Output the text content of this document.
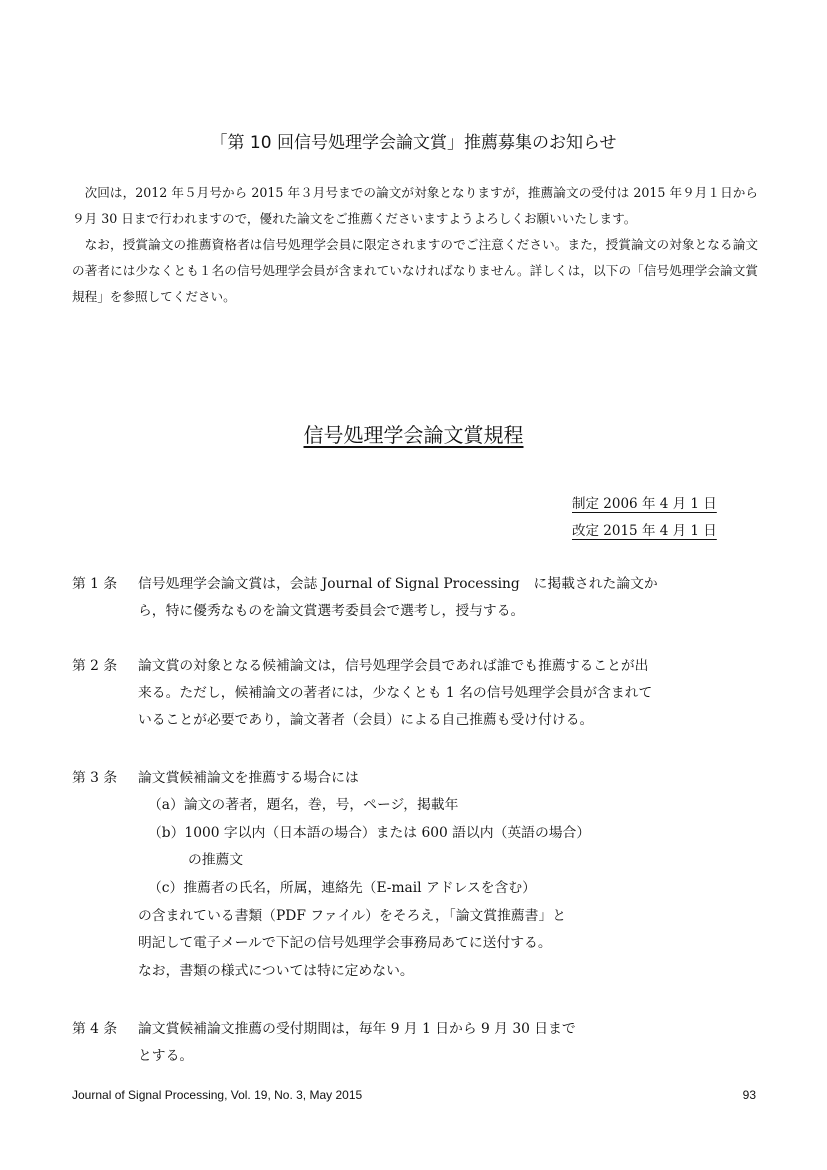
「第 10 回信号処理学会論文賞」推薦募集のお知らせ

次回は，2012 年５月号から 2015 年３月号までの論文が対象となりますが，推薦論文の受付は 2015 年９月１日から９月 30 日まで行われますので，優れた論文をご推薦くださいますようよろしくお願いいたします。

なお，授賞論文の推薦資格者は信号処理学会員に限定されますのでご注意ください。また，授賞論文の対象となる論文の著者には少なくとも１名の信号処理学会員が含まれていなければなりません。詳しくは，以下の「信号処理学会論文賞規程」を参照してください。

信号処理学会論文賞規程
制定 2006 年 4 月 1 日
改定 2015 年 4 月 1 日
第 1 条 信号処理学会論文賞は，会誌 Journal of Signal Processing　に掲載された論文か
ら，特に優秀なものを論文賞選考委員会で選考し，授与する。
第 2 条 論文賞の対象となる候補論文は，信号処理学会員であれば誰でも推薦することが出
来る。ただし，候補論文の著者には，少なくとも 1 名の信号処理学会員が含まれて
いることが必要であり，論文著者（会員）による自己推薦も受け付ける。
第 3 条 論文賞候補論文を推薦する場合には
（a）論文の著者，題名，巻，号，ページ，掲載年
（b）1000 字以内（日本語の場合）または 600 語以内（英語の場合）
の推薦文
（c）推薦者の氏名，所属，連絡先（E-mail アドレスを含む）
の含まれている書類（PDF ファイル）をそろえ，「論文賞推薦書」と
明記して電子メールで下記の信号処理学会事務局あてに送付する。
なお，書類の様式については特に定めない。
第 4 条 論文賞候補論文推薦の受付期間は，毎年 9 月 1 日から 9 月 30 日まで
とする。
Journal of Signal Processing, Vol. 19, No. 3, May 2015	93
